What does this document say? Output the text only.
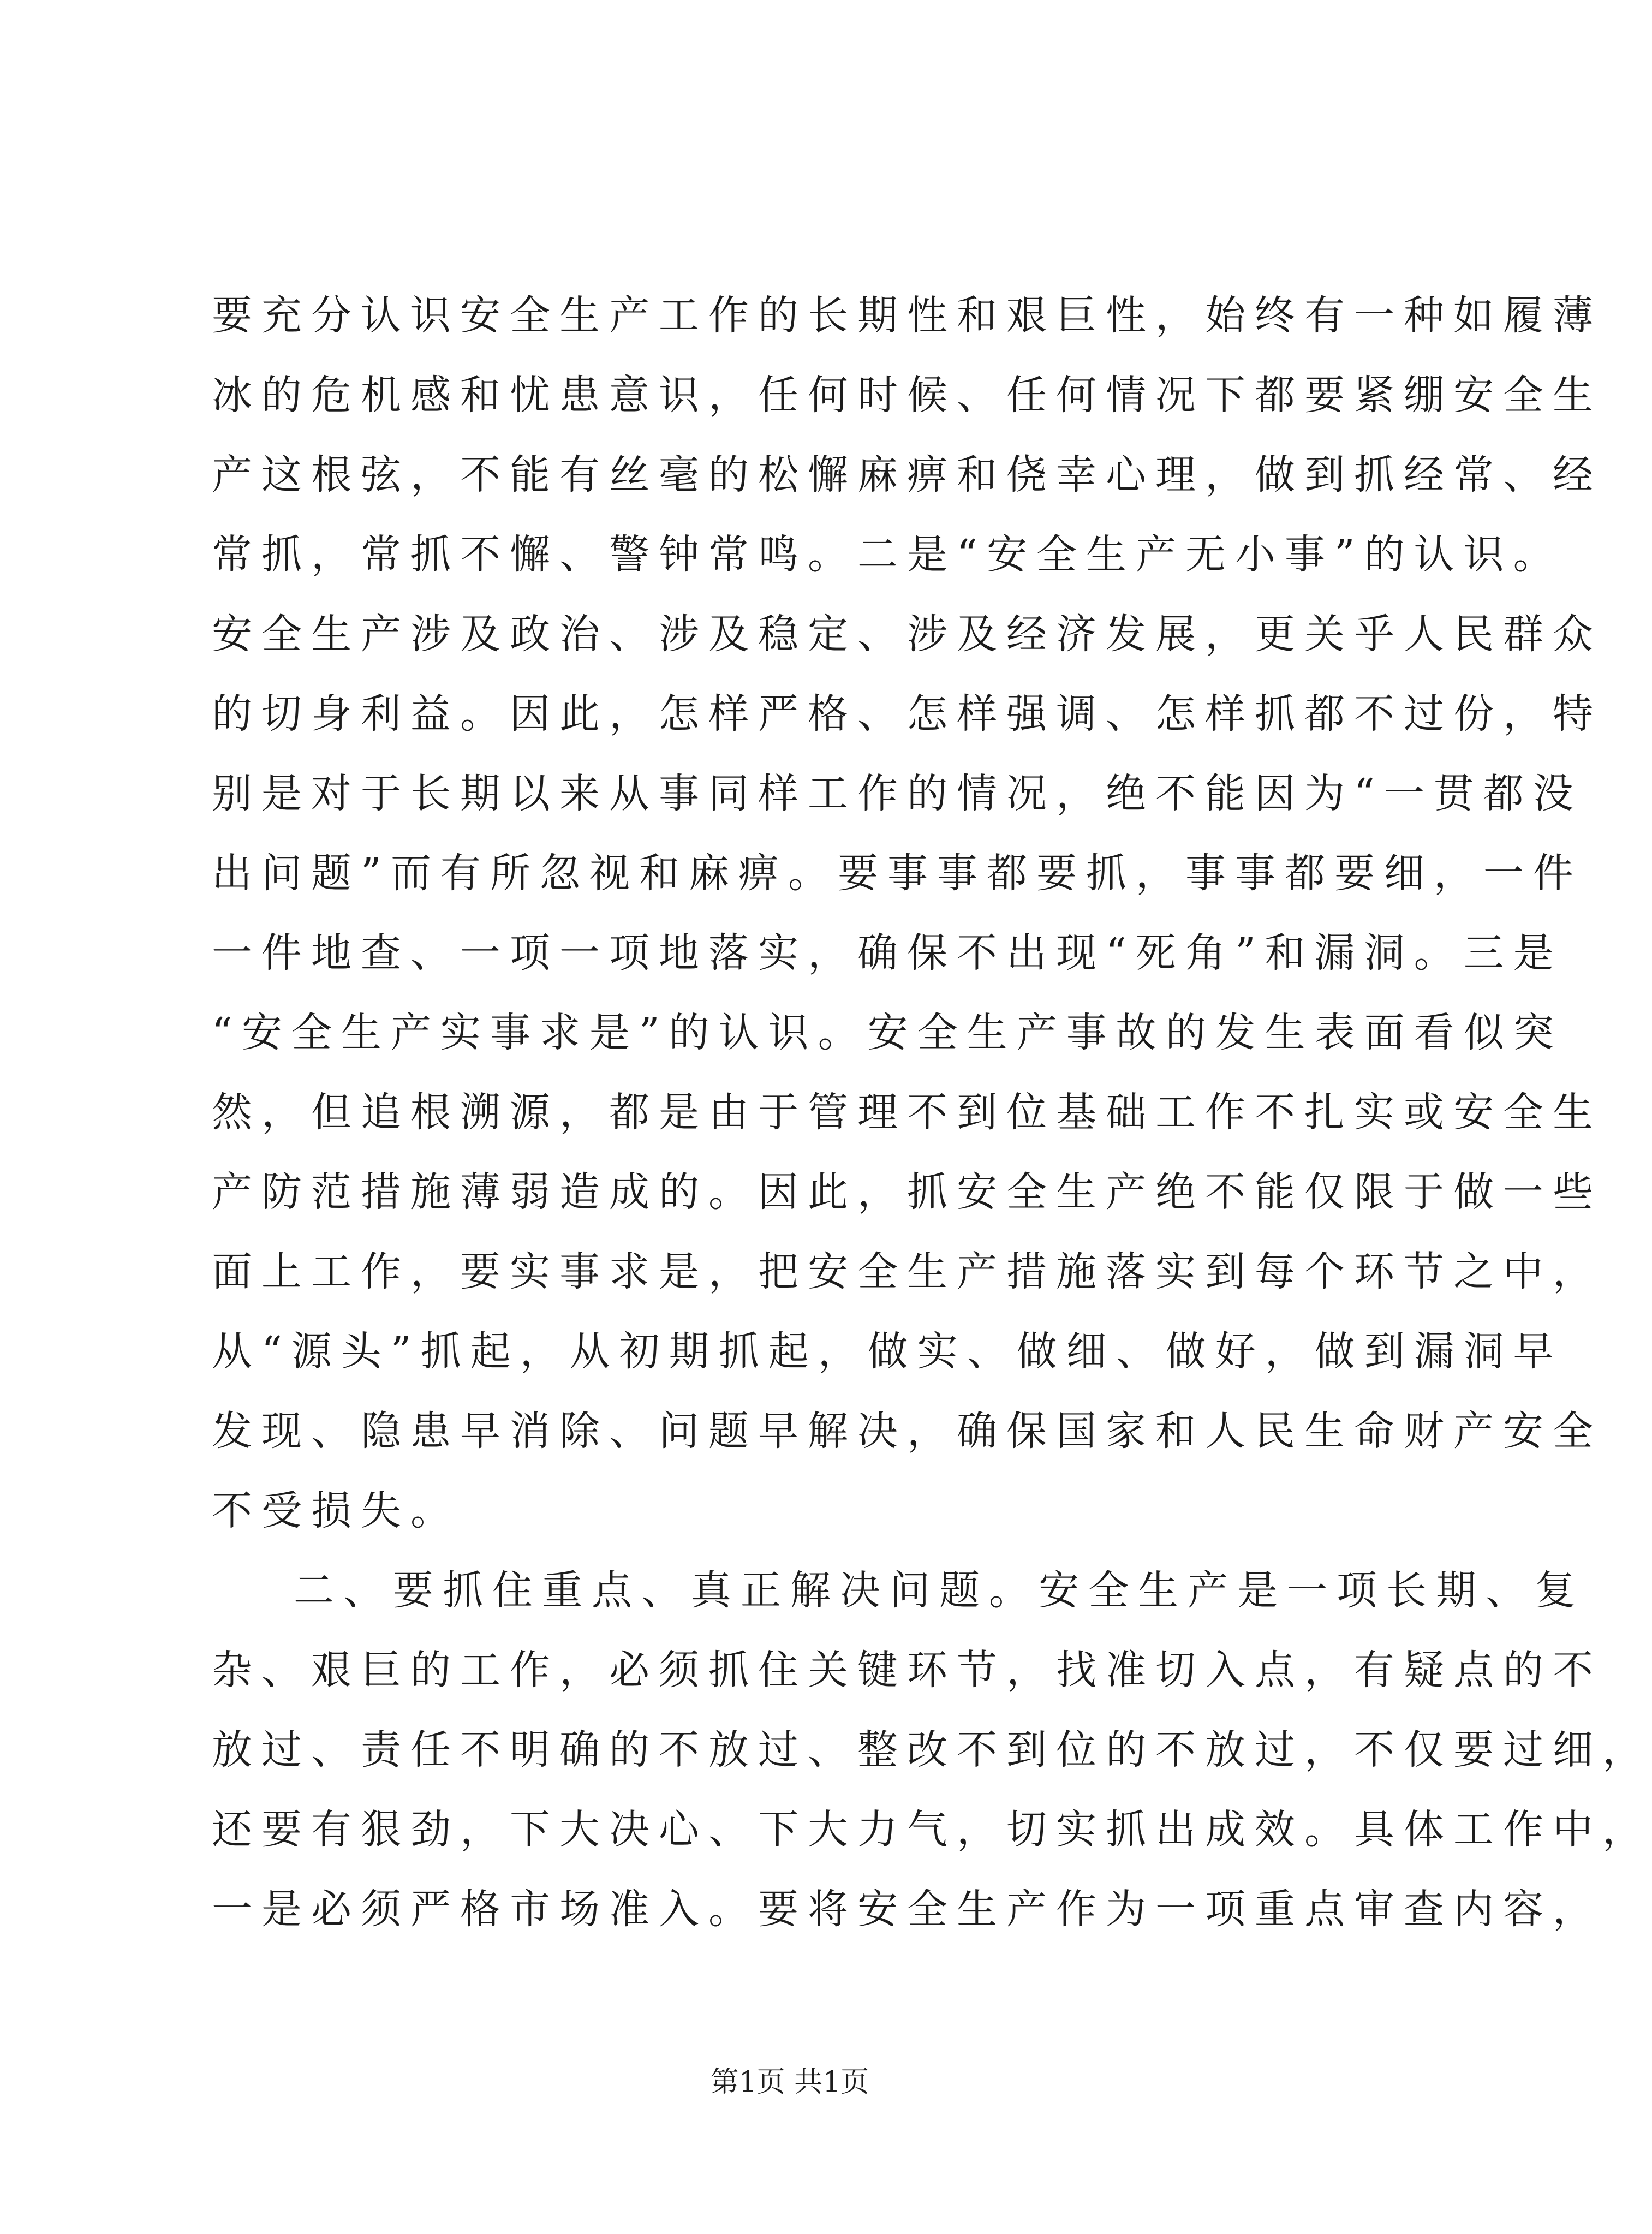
要充分认识安全生产工作的长期性和艰巨性，始终有一种如履薄
冰的危机感和忧患意识，任何时候、任何情况下都要紧绷安全生
产这根弦，不能有丝毫的松懈麻痹和侥幸心理，做到抓经常、经
常抓，常抓不懈、警钟常鸣。二是“安全生产无小事”的认识。
安全生产涉及政治、涉及稳定、涉及经济发展，更关乎人民群众
的切身利益。因此，怎样严格、怎样强调、怎样抓都不过份，特
别是对于长期以来从事同样工作的情况，绝不能因为“一贯都没
出问题”而有所忽视和麻痹。要事事都要抓，事事都要细，一件
一件地查、一项一项地落实，确保不出现“死角”和漏洞。三是
“安全生产实事求是”的认识。安全生产事故的发生表面看似突
然，但追根溯源，都是由于管理不到位基础工作不扎实或安全生
产防范措施薄弱造成的。因此，抓安全生产绝不能仅限于做一些
面上工作，要实事求是，把安全生产措施落实到每个环节之中，
从“源头”抓起，从初期抓起，做实、做细、做好，做到漏洞早
发现、隐患早消除、问题早解决，确保国家和人民生命财产安全
不受损失。
二、要抓住重点、真正解决问题。安全生产是一项长期、复
杂、艰巨的工作，必须抓住关键环节，找准切入点，有疑点的不
放过、责任不明确的不放过、整改不到位的不放过，不仅要过细，
还要有狠劲，下大决心、下大力气，切实抓出成效。具体工作中，
一是必须严格市场准入。要将安全生产作为一项重点审查内容，
第1页 共1页
